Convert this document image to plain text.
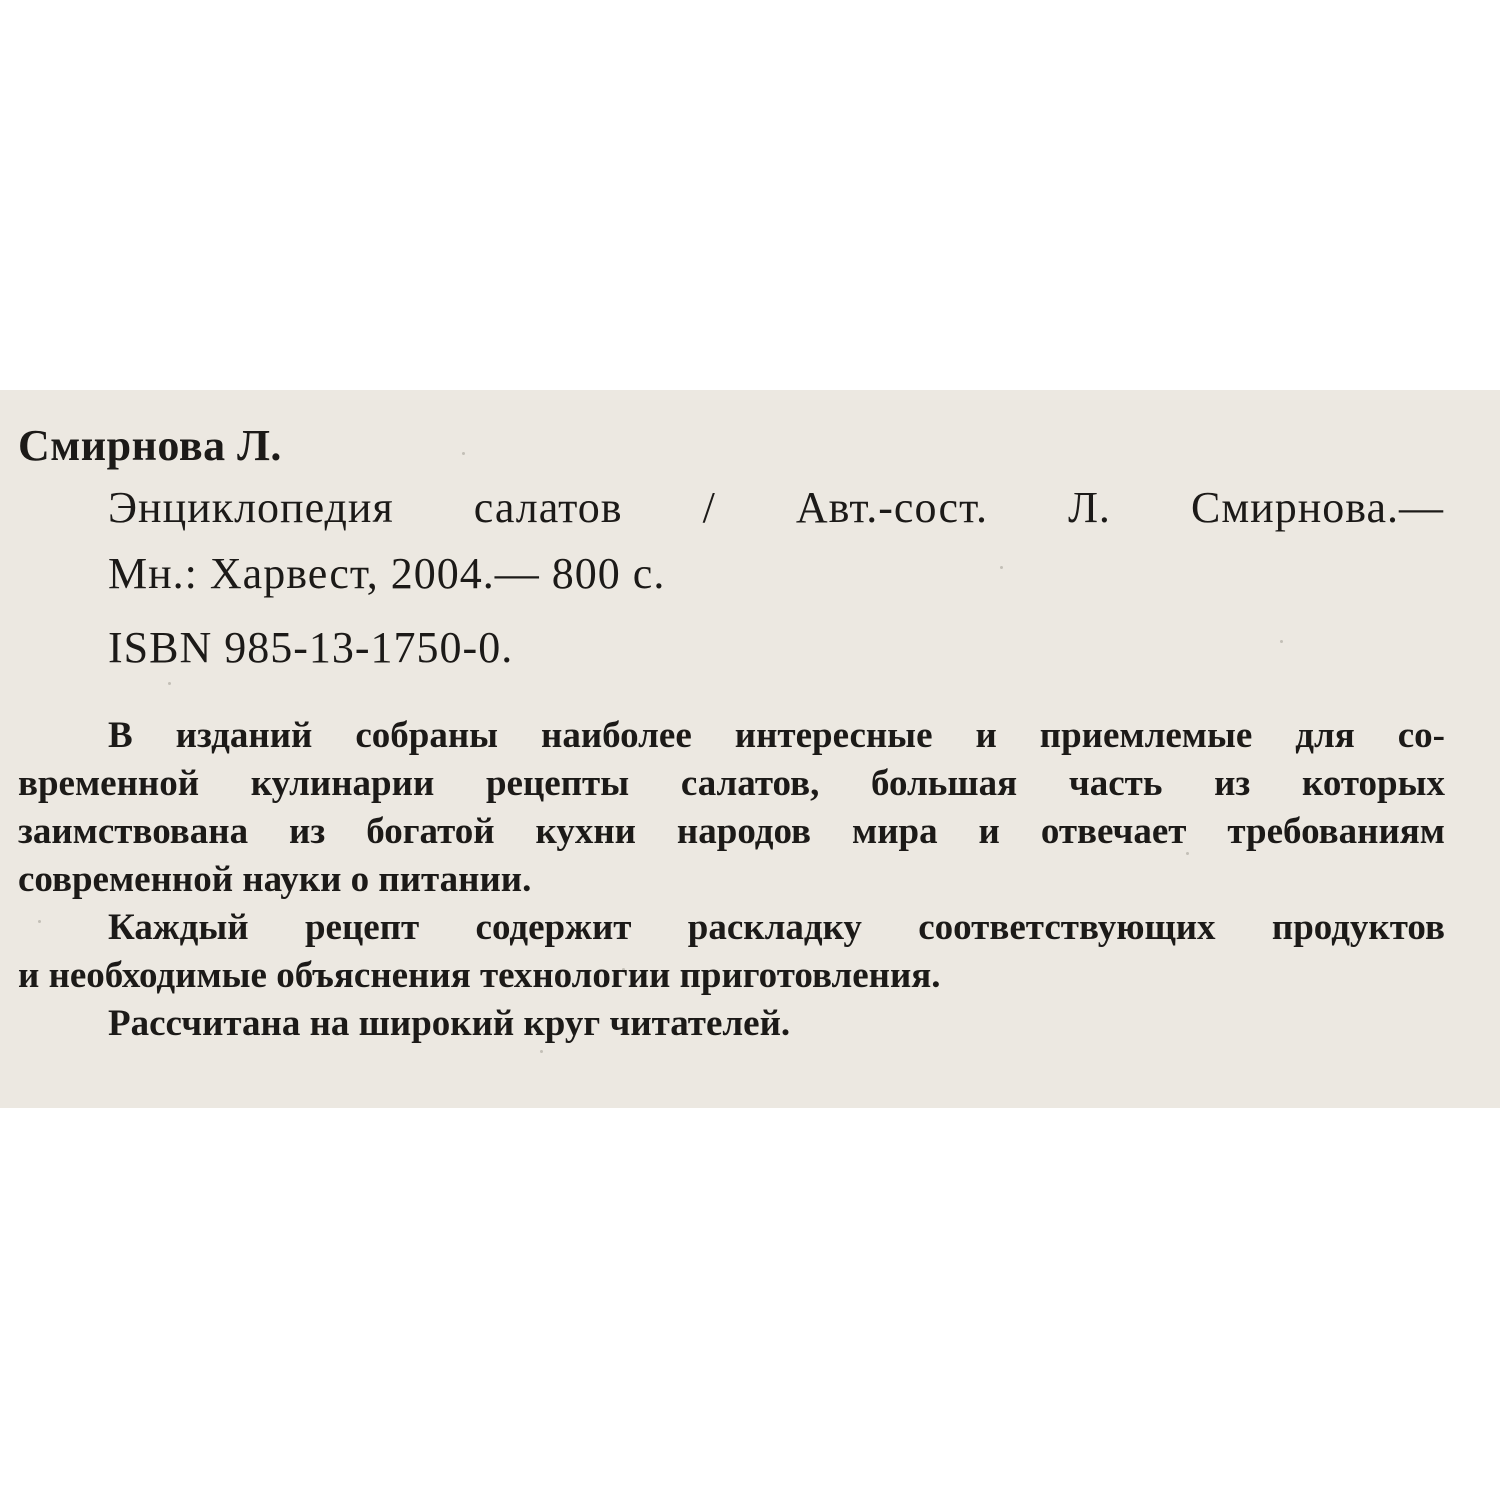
Смирнова Л.
Энциклопедия салатов / Авт.-сост. Л. Смирнова.—
Мн.: Харвест, 2004.— 800 с.
ISBN 985-13-1750-0.
В изданий собраны наиболее интересные и приемлемые для со-
временной кулинарии рецепты салатов, большая часть из которых
заимствована из богатой кухни народов мира и отвечает требованиям
современной науки о питании.
Каждый рецепт содержит раскладку соответствующих продуктов
и необходимые объяснения технологии приготовления.
Рассчитана на широкий круг читателей.
